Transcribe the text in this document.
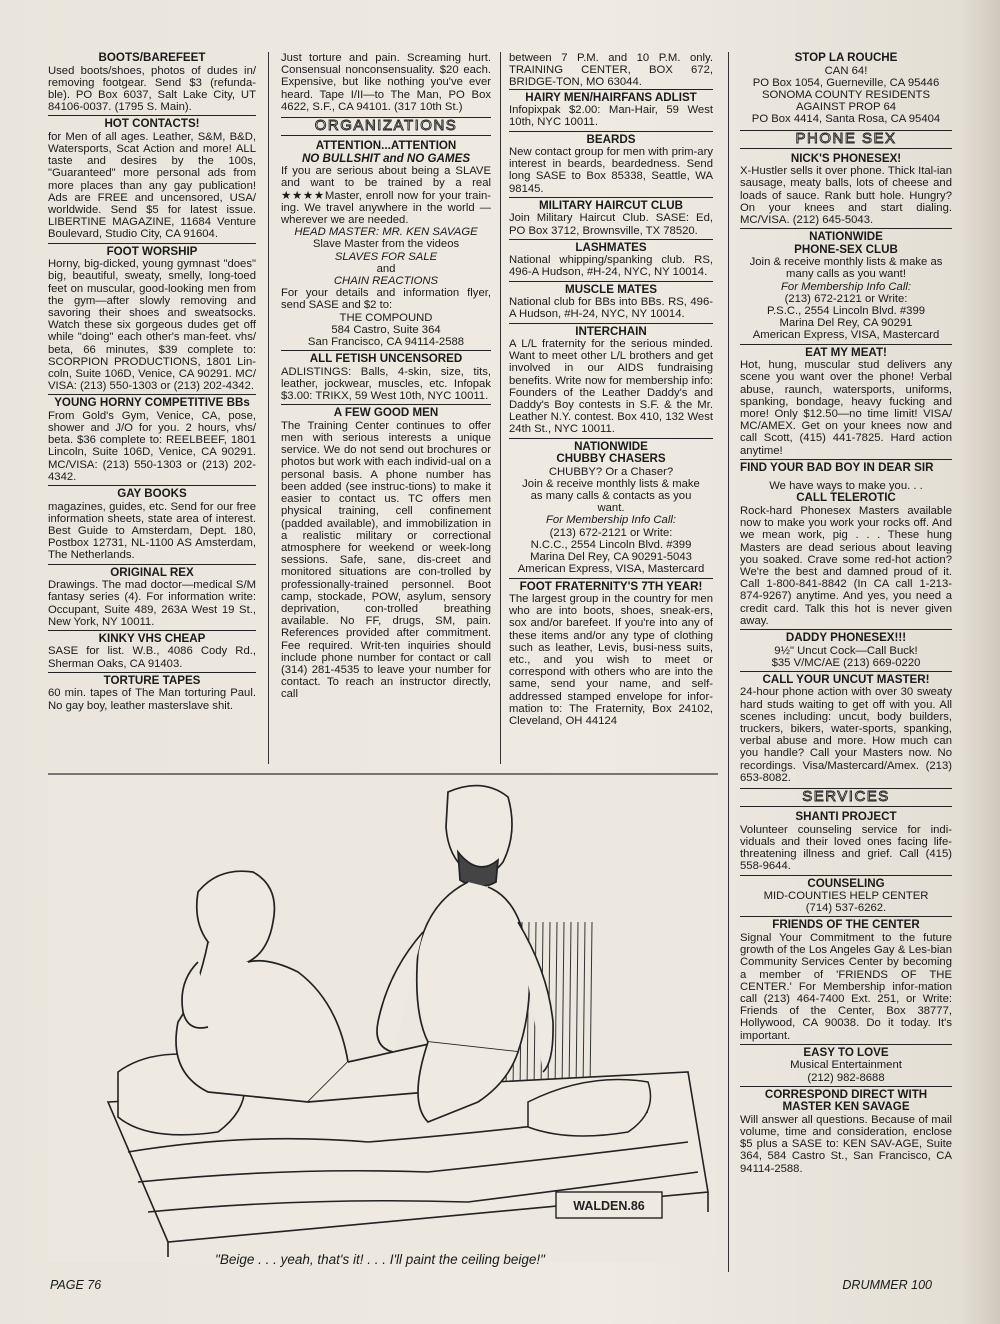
BOOTS/BAREFEET
Used boots/shoes, photos of dudes in/ removing footgear. Send $3 (refunda-ble). PO Box 6037, Salt Lake City, UT 84106-0037. (1795 S. Main).
HOT CONTACTS!
for Men of all ages. Leather, S&M, B&D, Watersports, Scat Action and more! ALL taste and desires by the 100s, "Guaranteed" more personal ads from more places than any gay publication! Ads are FREE and uncensored, USA/ worldwide. Send $5 for latest issue. LIBERTINE MAGAZINE, 11684 Venture Boulevard, Studio City, CA 91604.
FOOT WORSHIP
Horny, big-dicked, young gymnast "does" big, beautiful, sweaty, smelly, long-toed feet on muscular, good-looking men from the gym—after slowly removing and savoring their shoes and sweatsocks. Watch these six gorgeous dudes get off while "doing" each other's man-feet. vhs/ beta, 66 minutes, $39 complete to: SCORPION PRODUCTIONS, 1801 Lin-coln, Suite 106D, Venice, CA 90291. MC/ VISA: (213) 550-1303 or (213) 202-4342.
YOUNG HORNY COMPETITIVE BBs
From Gold's Gym, Venice, CA, pose, shower and J/O for you. 2 hours, vhs/ beta. $36 complete to: REELBEEF, 1801 Lincoln, Suite 106D, Venice, CA 90291. MC/VISA: (213) 550-1303 or (213) 202-4342.
GAY BOOKS
magazines, guides, etc. Send for our free information sheets, state area of interest. Best Guide to Amsterdam, Dept. 180, Postbox 12731, NL-1100 AS Amsterdam, The Netherlands.
ORIGINAL REX
Drawings. The mad doctor—medical S/M fantasy series (4). For information write: Occupant, Suite 489, 263A West 19 St., New York, NY 10011.
KINKY VHS CHEAP
SASE for list. W.B., 4086 Cody Rd., Sherman Oaks, CA 91403.
TORTURE TAPES
60 min. tapes of The Man torturing Paul. No gay boy, leather masterslave shit.
Just torture and pain. Screaming hurt. Consensual nonconsensuality. $20 each. Expensive, but like nothing you've ever heard. Tape I/II—to The Man, PO Box 4622, S.F., CA 94101. (317 10th St.)
ORGANIZATIONS
ATTENTION...ATTENTION
NO BULLSHIT and NO GAMES
If you are serious about being a SLAVE and want to be trained by a real ★★★★Master, enroll now for your train-ing. We travel anywhere in the world —wherever we are needed.
HEAD MASTER: MR. KEN SAVAGE
Slave Master from the videos
SLAVES FOR SALE
and
CHAIN REACTIONS
For your details and information flyer, send SASE and $2 to:
THE COMPOUND
584 Castro, Suite 364
San Francisco, CA 94114-2588
ALL FETISH UNCENSORED
ADLISTINGS: Balls, 4-skin, size, tits, leather, jockwear, muscles, etc. Infopak $3.00: TRIKX, 59 West 10th, NYC 10011.
A FEW GOOD MEN
The Training Center continues to offer men with serious interests a unique service. We do not send out brochures or photos but work with each individ-ual on a personal basis. A phone number has been added (see instruc-tions) to make it easier to contact us. TC offers men physical training, cell confinement (padded available), and immobilization in a realistic military or correctional atmosphere for weekend or week-long sessions. Safe, sane, dis-creet and monitored situations are con-trolled by professionally-trained personnel. Boot camp, stockade, POW, asylum, sensory deprivation, con-trolled breathing available. No FF, drugs, SM, pain. References provided after commitment. Fee required. Writ-ten inquiries should include phone number for contact or call (314) 281-4535 to leave your number for contact. To reach an instructor directly, call
between 7 P.M. and 10 P.M. only. TRAINING CENTER, BOX 672, BRIDGE-TON, MO 63044.
HAIRY MEN/HAIRFANS ADLIST
Infopixpak $2.00: Man-Hair, 59 West 10th, NYC 10011.
BEARDS
New contact group for men with prim-ary interest in beards, beardedness. Send long SASE to Box 85338, Seattle, WA 98145.
MILITARY HAIRCUT CLUB
Join Military Haircut Club. SASE: Ed, PO Box 3712, Brownsville, TX 78520.
LASHMATES
National whipping/spanking club. RS, 496-A Hudson, #H-24, NYC, NY 10014.
MUSCLE MATES
National club for BBs into BBs. RS, 496-A Hudson, #H-24, NYC, NY 10014.
INTERCHAIN
A L/L fraternity for the serious minded. Want to meet other L/L brothers and get involved in our AIDS fundraising benefits. Write now for membership info: Founders of the Leather Daddy's and Daddy's Boy contests in S.F. & the Mr. Leather N.Y. contest. Box 410, 132 West 24th St., NYC 10011.
NATIONWIDE
CHUBBY CHASERS
CHUBBY? Or a Chaser?
Join & receive monthly lists & make
as many calls & contacts as you
want.
For Membership Info Call:
(213) 672-2121 or Write:
N.C.C., 2554 Lincoln Blvd. #399
Marina Del Rey, CA 90291-5043
American Express, VISA, Mastercard
FOOT FRATERNITY'S 7TH YEAR!
The largest group in the country for men who are into boots, shoes, sneak-ers, sox and/or barefeet. If you're into any of these items and/or any type of clothing such as leather, Levis, busi-ness suits, etc., and you wish to meet or correspond with others who are into the same, send your name, and self-addressed stamped envelope for infor-mation to: The Fraternity, Box 24102, Cleveland, OH 44124
STOP LA ROUCHE
CAN 64!
PO Box 1054, Guerneville, CA 95446
SONOMA COUNTY RESIDENTS
AGAINST PROP 64
PO Box 4414, Santa Rosa, CA 95404
PHONE SEX
NICK'S PHONESEX!
X-Hustler sells it over phone. Thick Ital-ian sausage, meaty balls, lots of cheese and loads of sauce. Rank butt hole. Hungry? On your knees and start dialing. MC/VISA. (212) 645-5043.
NATIONWIDE
PHONE-SEX CLUB
Join & receive monthly lists & make as
many calls as you want!
For Membership Info Call:
(213) 672-2121 or Write:
P.S.C., 2554 Lincoln Blvd. #399
Marina Del Rey, CA 90291
American Express, VISA, Mastercard
EAT MY MEAT!
Hot, hung, muscular stud delivers any scene you want over the phone! Verbal abuse, raunch, watersports, uniforms, spanking, bondage, heavy fucking and more! Only $12.50—no time limit! VISA/ MC/AMEX. Get on your knees now and call Scott, (415) 441-7825. Hard action anytime!
FIND YOUR BAD BOY IN DEAR SIR
We have ways to make you. . .
CALL TELEROTIC
Rock-hard Phonesex Masters available now to make you work your rocks off. And we mean work, pig . . . These hung Masters are dead serious about leaving you soaked. Crave some red-hot action? We're the best and damned proud of it. Call 1-800-841-8842 (In CA call 1-213-874-9267) anytime. And yes, you need a credit card. Talk this hot is never given away.
DADDY PHONESEX!!!
9½" Uncut Cock—Call Buck!
$35 V/MC/AE (213) 669-0220
CALL YOUR UNCUT MASTER!
24-hour phone action with over 30 sweaty hard studs waiting to get off with you. All scenes including: uncut, body builders, truckers, bikers, water-sports, spanking, verbal abuse and more. How much can you handle? Call your Masters now. No recordings. Visa/Mastercard/Amex. (213) 653-8082.
SERVICES
SHANTI PROJECT
Volunteer counseling service for indi-viduals and their loved ones facing life-threatening illness and grief. Call (415) 558-9644.
COUNSELING
MID-COUNTIES HELP CENTER
(714) 537-6262.
FRIENDS OF THE CENTER
Signal Your Commitment to the future growth of the Los Angeles Gay & Les-bian Community Services Center by becoming a member of 'FRIENDS OF THE CENTER.' For Membership infor-mation call (213) 464-7400 Ext. 251, or Write: Friends of the Center, Box 38777, Hollywood, CA 90038. Do it today. It's important.
EASY TO LOVE
Musical Entertainment
(212) 982-8688
CORRESPOND DIRECT WITH MASTER KEN SAVAGE
Will answer all questions. Because of mail volume, time and consideration, enclose $5 plus a SASE to: KEN SAV-AGE, Suite 364, 584 Castro St., San Francisco, CA 94114-2588.
WALDEN.86
"Beige . . . yeah, that's it! . . . I'll paint the ceiling beige!"
PAGE 76	DRUMMER 100
